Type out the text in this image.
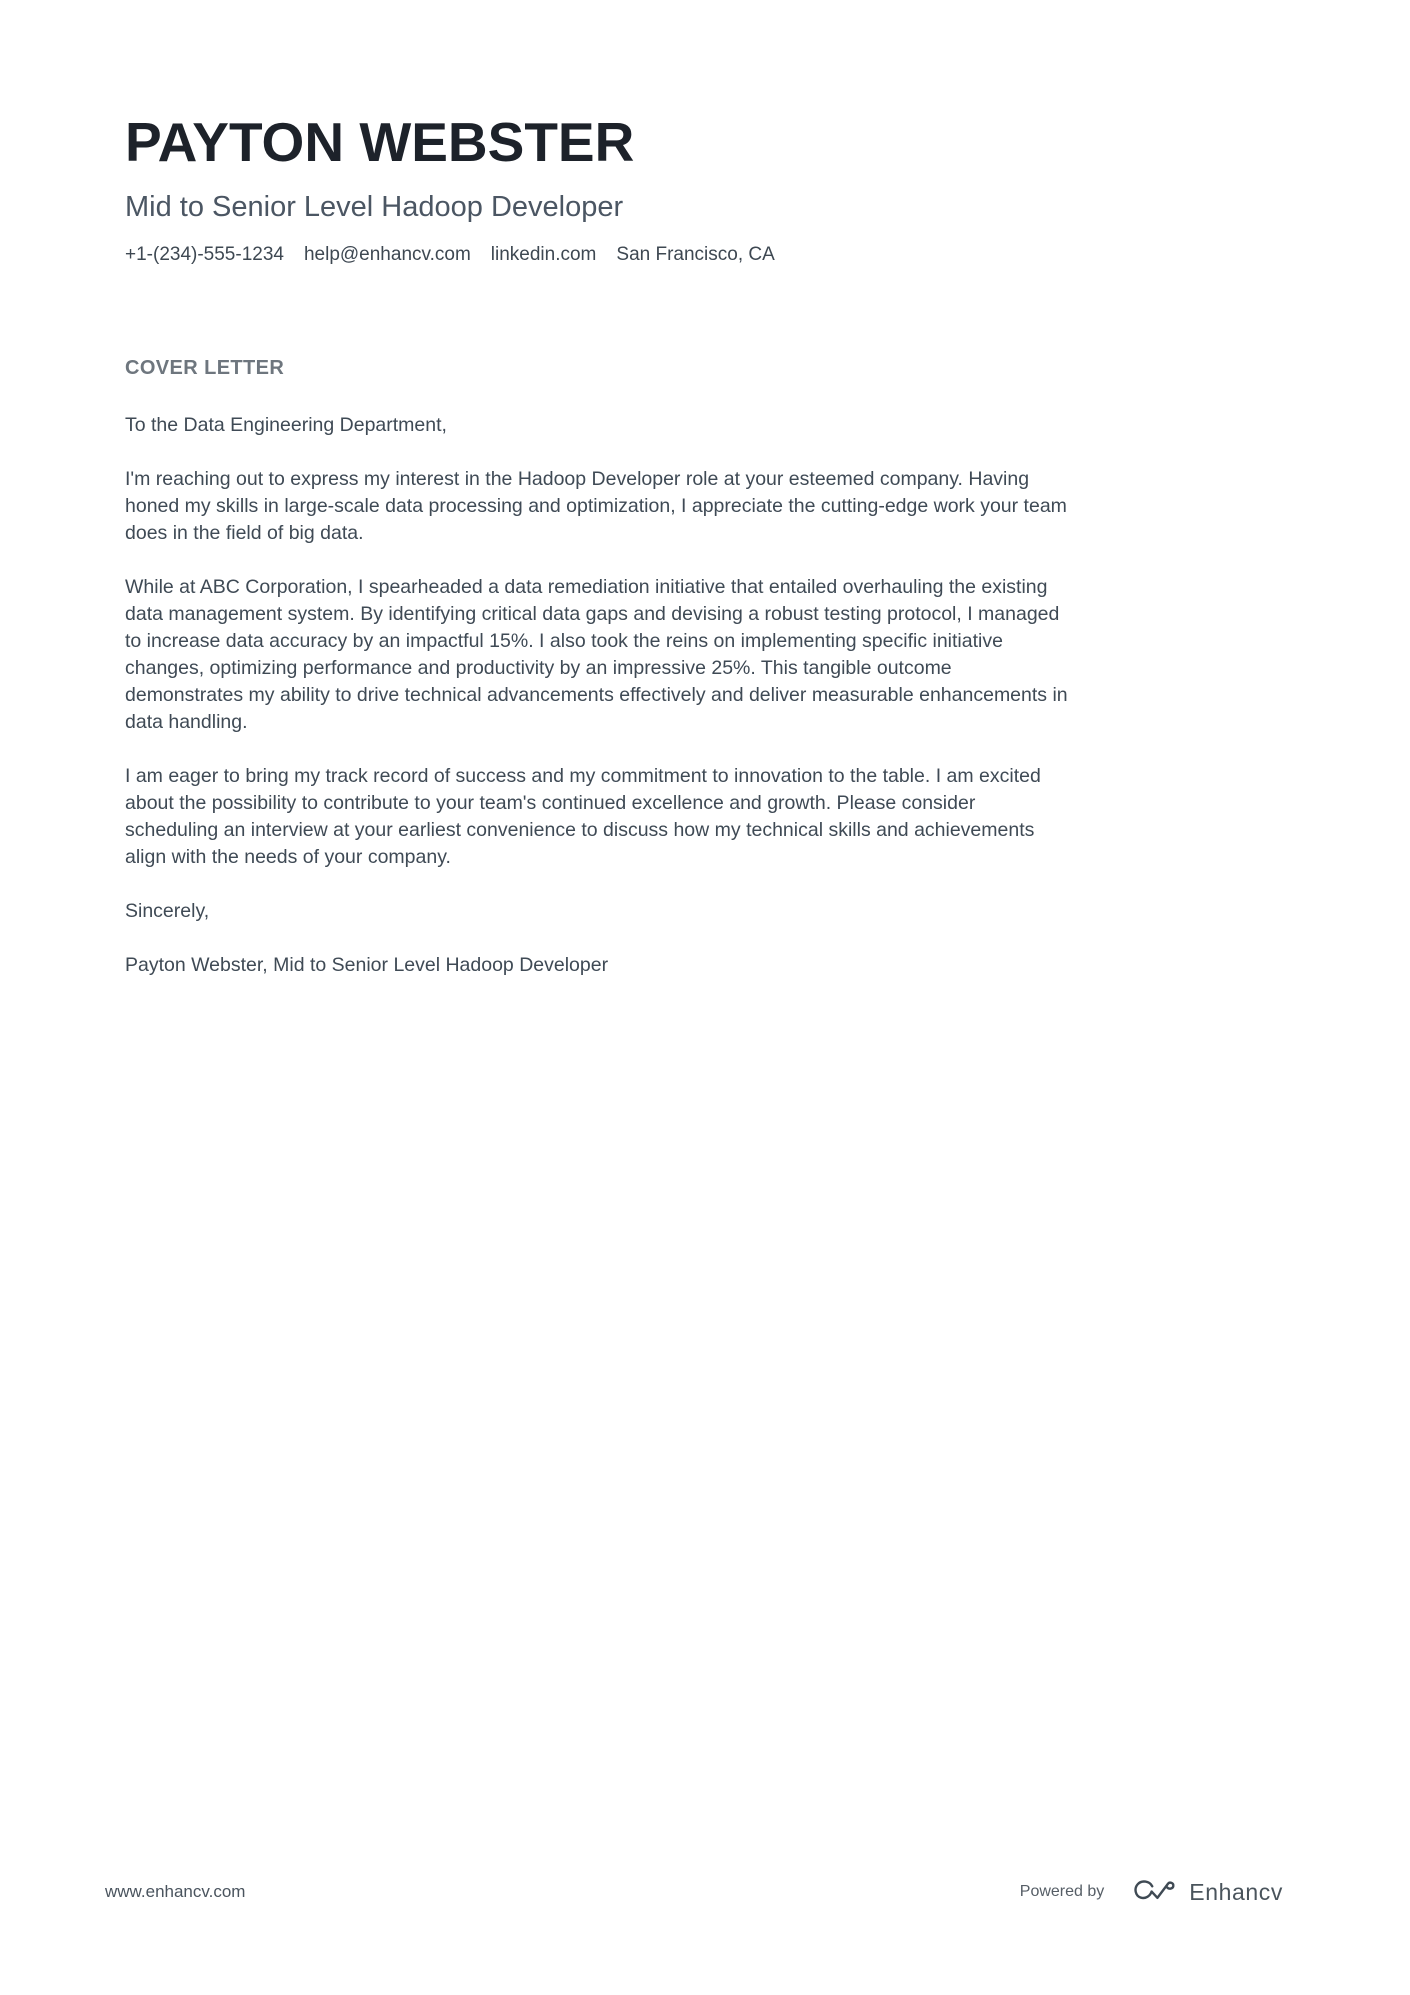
PAYTON WEBSTER
Mid to Senior Level Hadoop Developer
+1-(234)-555-1234 help@enhancv.com linkedin.com San Francisco, CA
COVER LETTER

To the Data Engineering Department,

I'm reaching out to express my interest in the Hadoop Developer role at your esteemed company. Having honed my skills in large-scale data processing and optimization, I appreciate the cutting-edge work your team does in the field of big data.

While at ABC Corporation, I spearheaded a data remediation initiative that entailed overhauling the existing data management system. By identifying critical data gaps and devising a robust testing protocol, I managed to increase data accuracy by an impactful 15%. I also took the reins on implementing specific initiative changes, optimizing performance and productivity by an impressive 25%. This tangible outcome demonstrates my ability to drive technical advancements effectively and deliver measurable enhancements in data handling.

I am eager to bring my track record of success and my commitment to innovation to the table. I am excited about the possibility to contribute to your team's continued excellence and growth. Please consider scheduling an interview at your earliest convenience to discuss how my technical skills and achievements align with the needs of your company.

Sincerely,

Payton Webster, Mid to Senior Level Hadoop Developer

www.enhancv.com	Powered by	Enhancv
